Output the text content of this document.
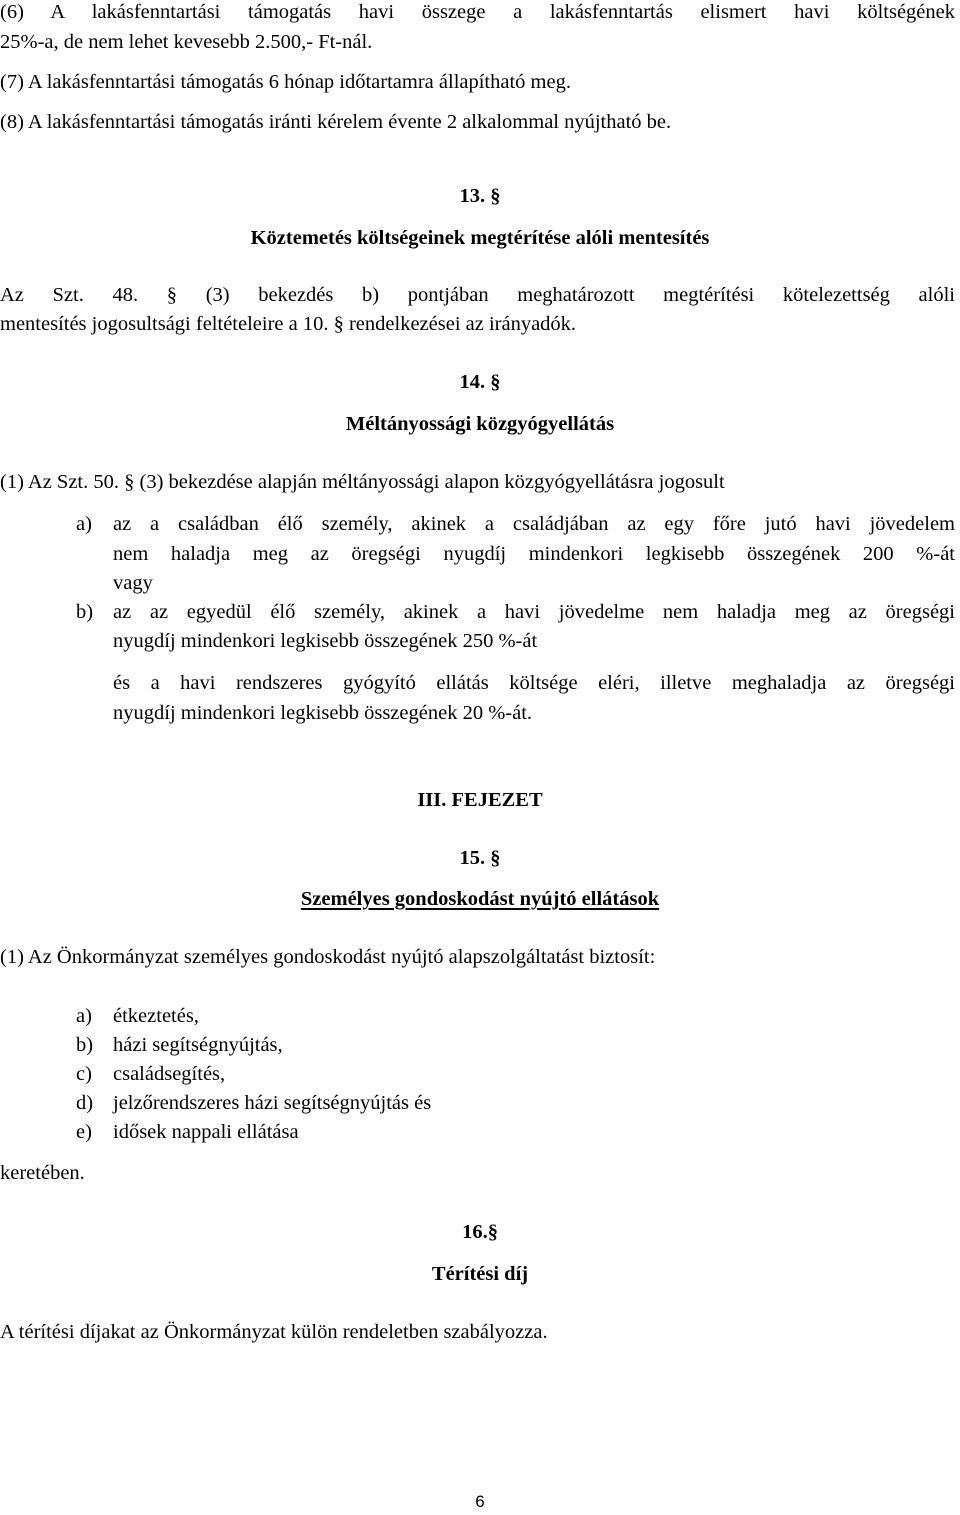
(6) A lakásfenntartási támogatás havi összege a lakásfenntartás elismert havi költségének
25%-a, de nem lehet kevesebb 2.500,- Ft-nál.
(7) A lakásfenntartási támogatás 6 hónap időtartamra állapítható meg.
(8) A lakásfenntartási támogatás iránti kérelem évente 2 alkalommal nyújtható be.
13. §
Köztemetés költségeinek megtérítése alóli mentesítés
Az Szt. 48. § (3) bekezdés b) pontjában meghatározott megtérítési kötelezettség alóli
mentesítés jogosultsági feltételeire a 10. § rendelkezései az irányadók.
14. §
Méltányossági közgyógyellátás
(1) Az Szt. 50. § (3) bekezdése alapján méltányossági alapon közgyógyellátásra jogosult
a) az a családban élő személy, akinek a családjában az egy főre jutó havi jövedelem
nem haladja meg az öregségi nyugdíj mindenkori legkisebb összegének 200 %-át
vagy
b) az az egyedül élő személy, akinek a havi jövedelme nem haladja meg az öregségi
nyugdíj mindenkori legkisebb összegének 250 %-át
és a havi rendszeres gyógyító ellátás költsége eléri, illetve meghaladja az öregségi
nyugdíj mindenkori legkisebb összegének 20 %-át.
III. FEJEZET
15. §
Személyes gondoskodást nyújtó ellátások
(1) Az Önkormányzat személyes gondoskodást nyújtó alapszolgáltatást biztosít:
a) étkeztetés,
b) házi segítségnyújtás,
c) családsegítés,
d) jelzőrendszeres házi segítségnyújtás és
e) idősek nappali ellátása
keretében.
16.§
Térítési díj
A térítési díjakat az Önkormányzat külön rendeletben szabályozza.
6
